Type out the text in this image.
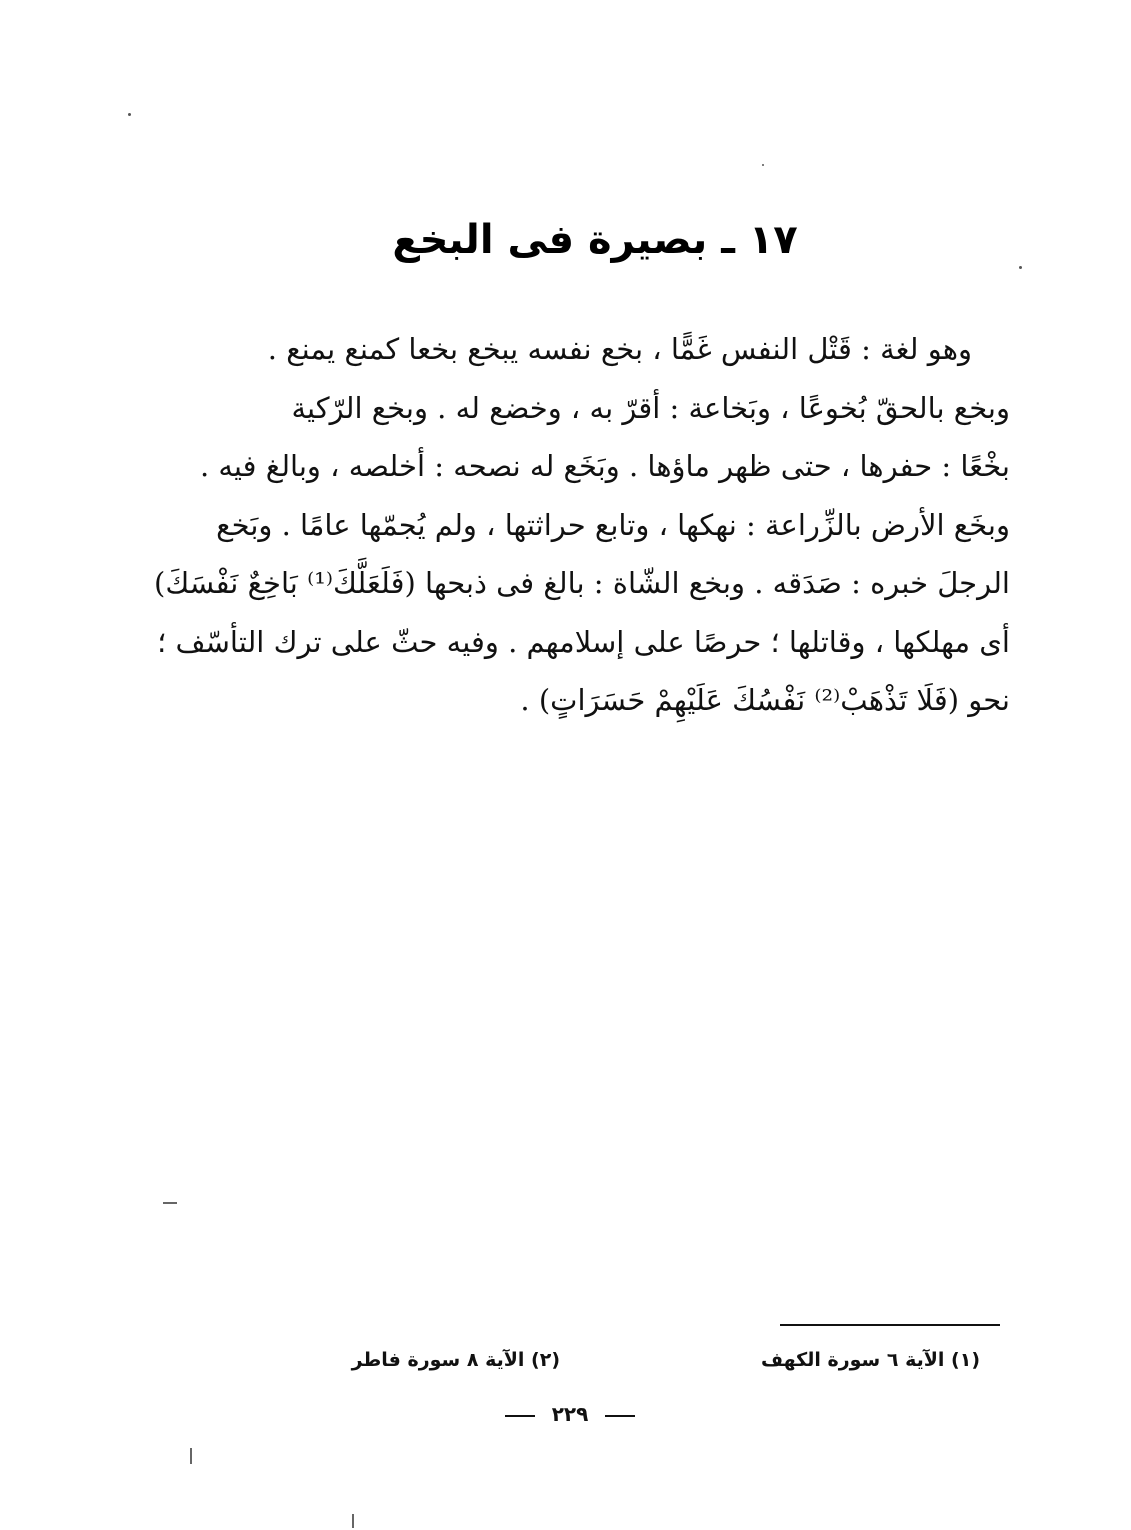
١٧ ـ بصيرة فى البخع
وهو لغة : قَتْل النفس غَمًّا ، بخع نفسه يبخع بخعا كمنع يمنع .
وبخع بالحقّ بُخوعًا ، وبَخاعة : أقرّ به ، وخضع له . وبخع الرّكية
بخْعًا : حفرها ، حتى ظهر ماؤها . وبَخَع له نصحه : أخلصه ، وبالغ فيه .
وبخَع الأرض بالزِّراعة : نهكها ، وتابع حراثتها ، ولم يُجمّها عامًا . وبَخع
الرجلَ خبره : صَدَقه . وبخع الشّاة : بالغ فى ذبحها (فَلَعَلَّكَ⁽¹⁾ بَاخِعٌ نَفْسَكَ)
أى مهلكها ، وقاتلها ؛ حرصًا على إسلامهم . وفيه حثّ على ترك التأسّف ؛
نحو (فَلَا تَذْهَبْ⁽²⁾ نَفْسُكَ عَلَيْهِمْ حَسَرَاتٍ) .
(١) الآية ٦ سورة الكهف
(٢) الآية ٨ سورة فاطر
٢٢٩
